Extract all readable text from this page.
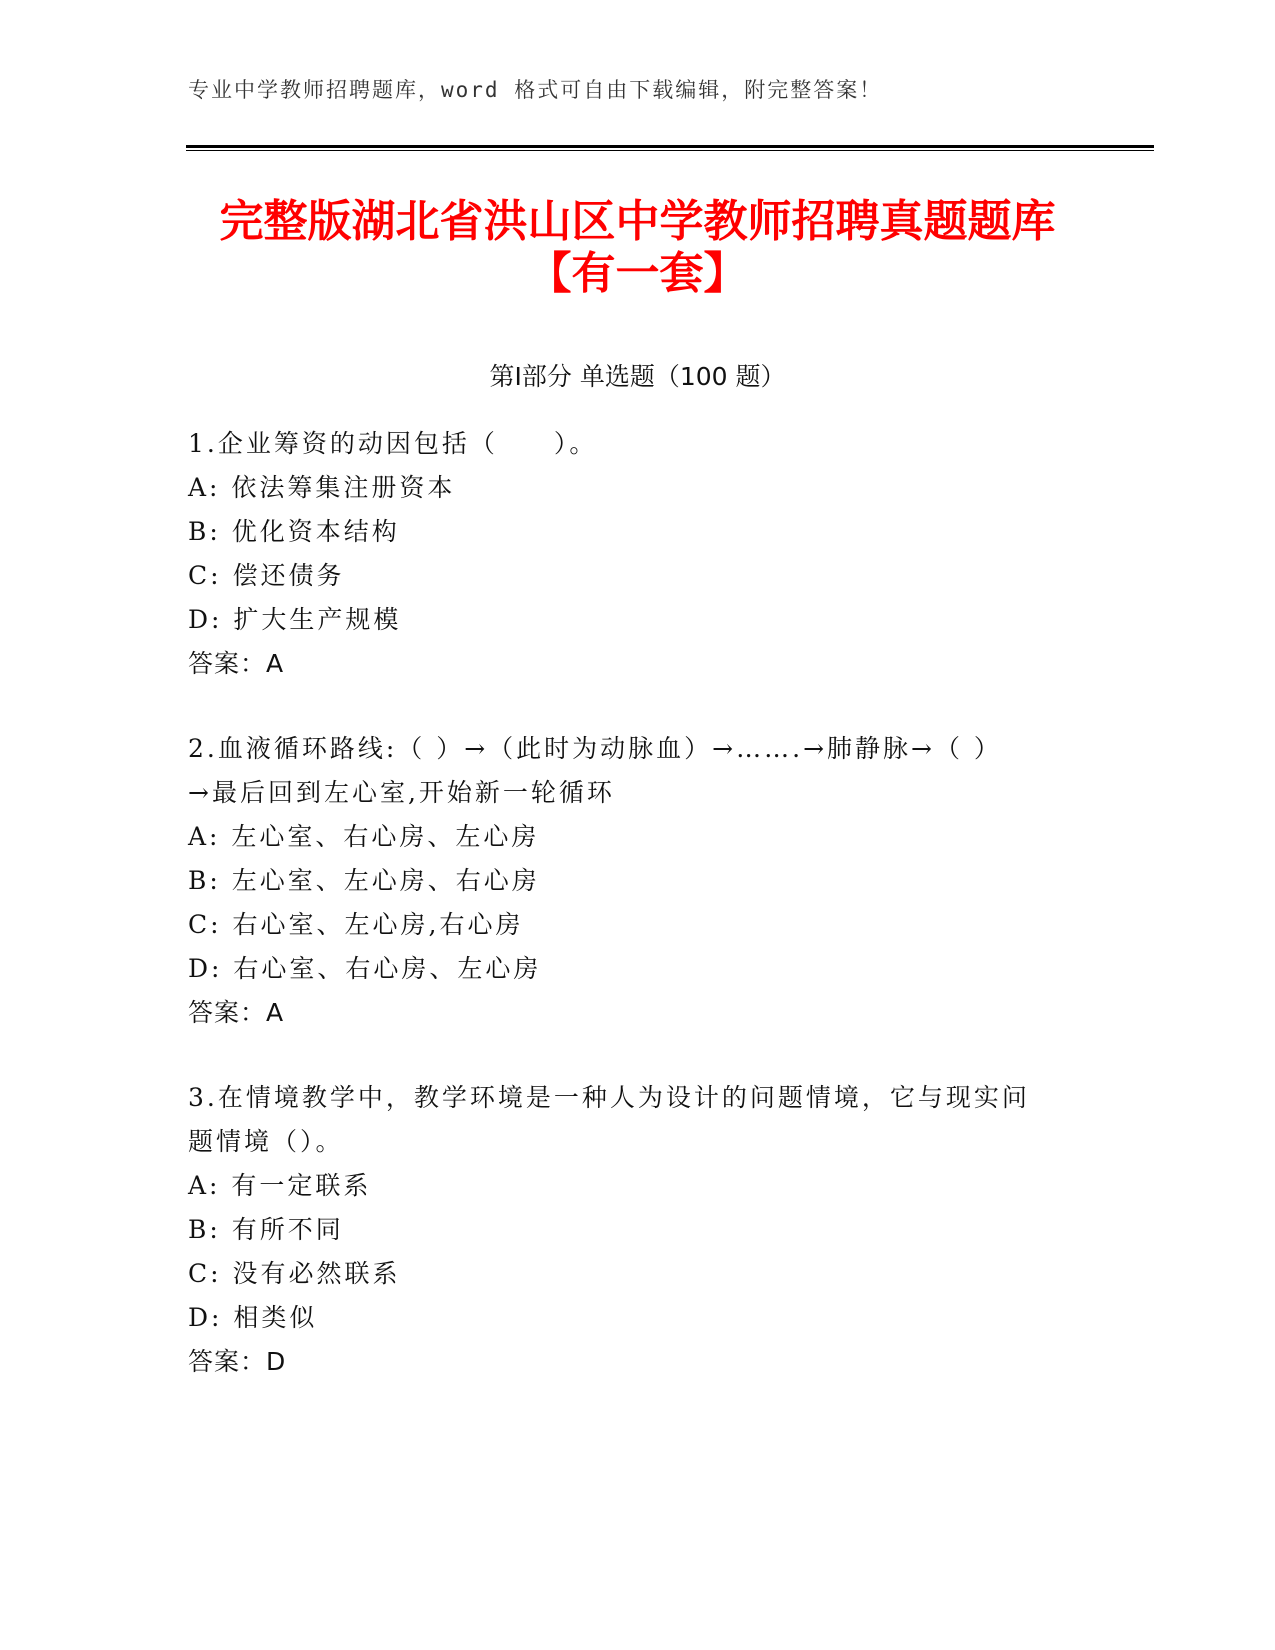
专业中学教师招聘题库，word 格式可自由下载编辑，附完整答案！
完整版湖北省洪山区中学教师招聘真题题库
【有一套】
第Ⅰ部分 单选题（100 题）
1.企业筹资的动因包括（　　）。
A: 依法筹集注册资本
B: 优化资本结构
C: 偿还债务
D: 扩大生产规模
答案：A
2.血液循环路线:（ ）→（此时为动脉血）→…….→肺静脉→（ ）
→最后回到左心室,开始新一轮循环
A: 左心室、右心房、左心房
B: 左心室、左心房、右心房
C: 右心室、左心房,右心房
D: 右心室、右心房、左心房
答案：A
3.在情境教学中，教学环境是一种人为设计的问题情境，它与现实问
题情境（）。
A: 有一定联系
B: 有所不同
C: 没有必然联系
D: 相类似
答案：D
